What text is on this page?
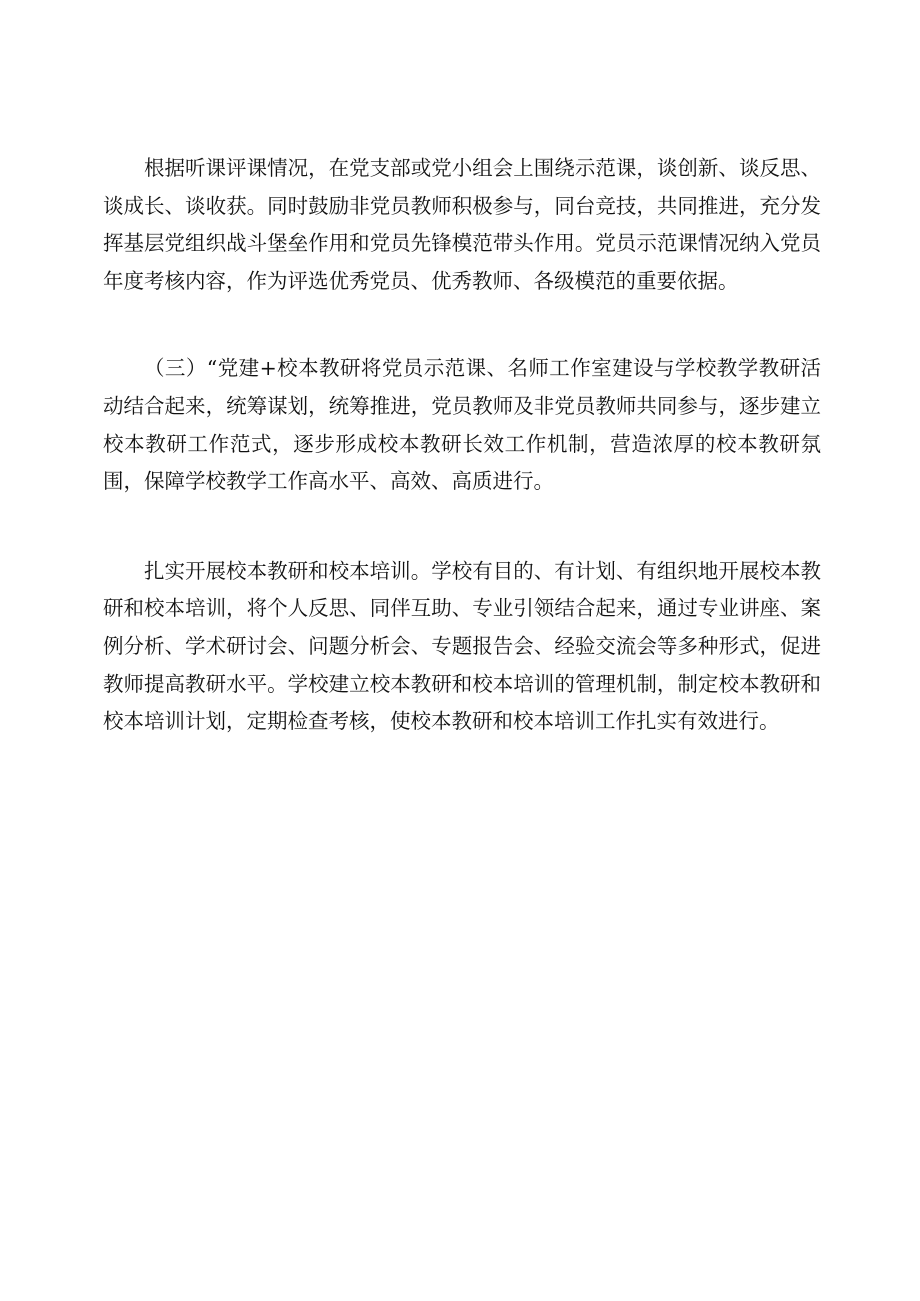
根据听课评课情况，在党支部或党小组会上围绕示范课，谈创新、谈反思、谈成长、谈收获。同时鼓励非党员教师积极参与，同台竞技，共同推进，充分发挥基层党组织战斗堡垒作用和党员先锋模范带头作用。党员示范课情况纳入党员年度考核内容，作为评选优秀党员、优秀教师、各级模范的重要依据。

（三）“党建+校本教研将党员示范课、名师工作室建设与学校教学教研活动结合起来，统筹谋划，统筹推进，党员教师及非党员教师共同参与，逐步建立校本教研工作范式，逐步形成校本教研长效工作机制，营造浓厚的校本教研氛围，保障学校教学工作高水平、高效、高质进行。

扎实开展校本教研和校本培训。学校有目的、有计划、有组织地开展校本教研和校本培训，将个人反思、同伴互助、专业引领结合起来，通过专业讲座、案例分析、学术研讨会、问题分析会、专题报告会、经验交流会等多种形式，促进教师提高教研水平。学校建立校本教研和校本培训的管理机制，制定校本教研和校本培训计划，定期检查考核，使校本教研和校本培训工作扎实有效进行。
